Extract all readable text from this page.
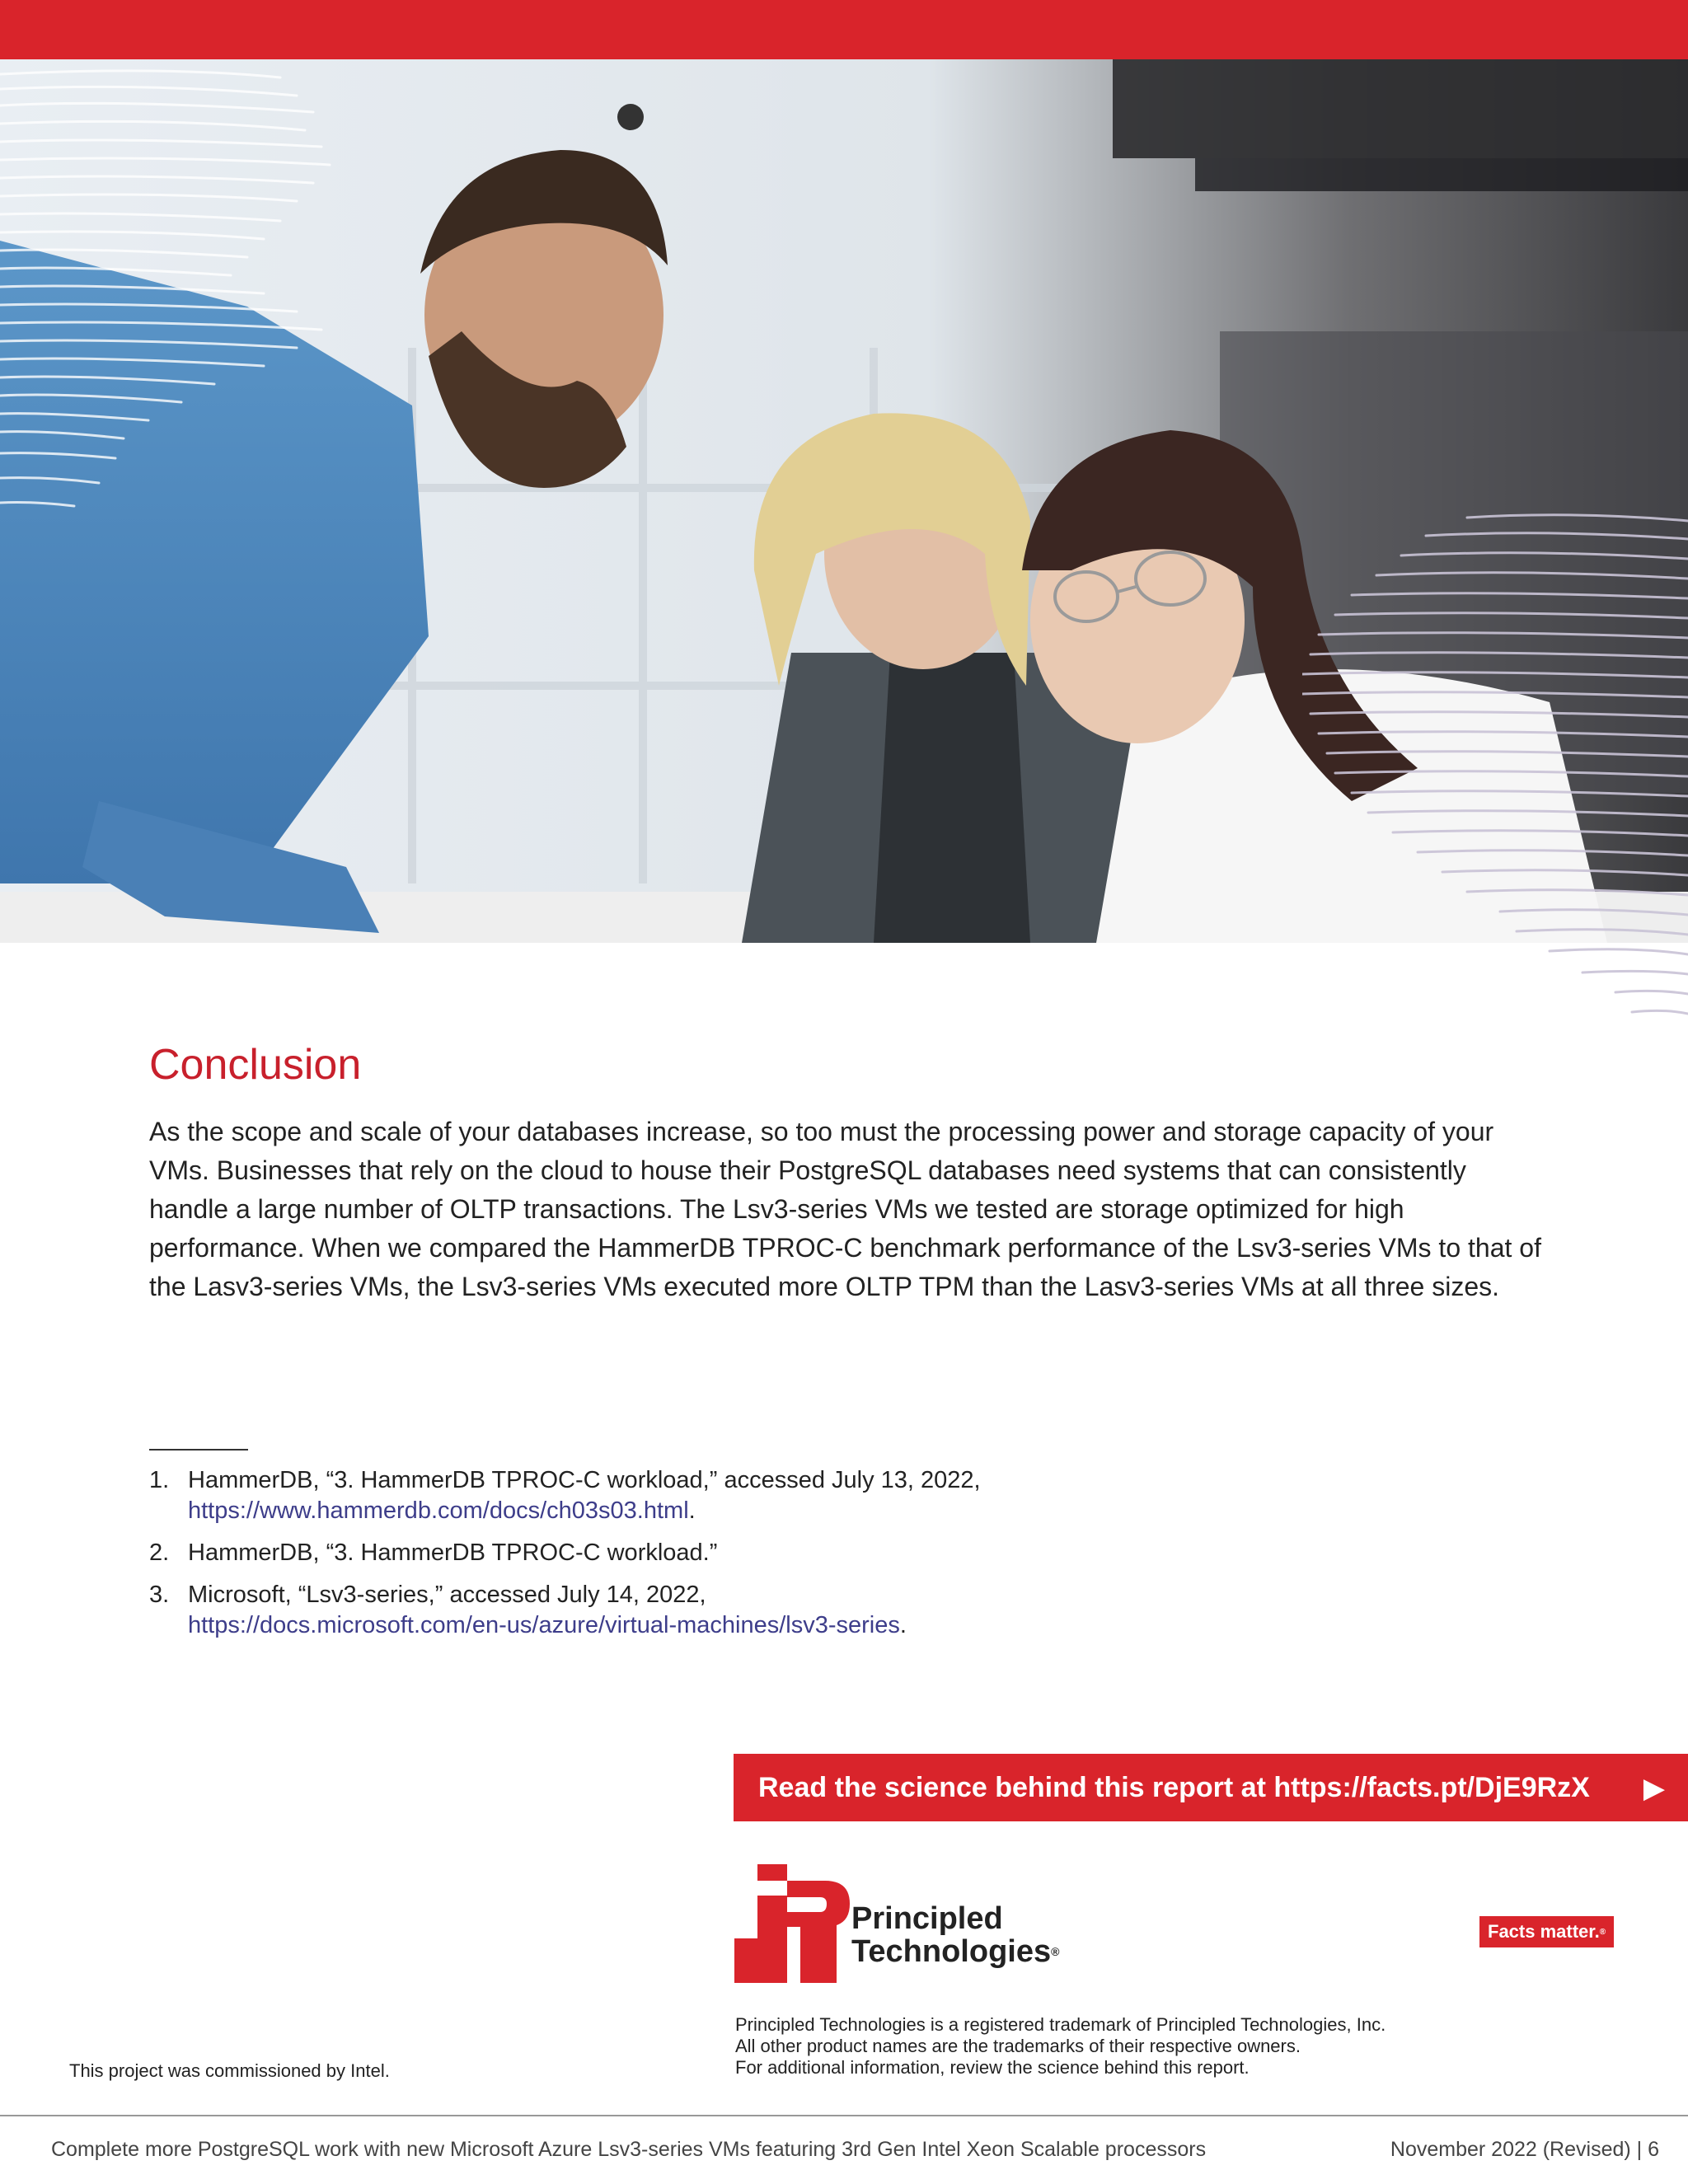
Conclusion

As the scope and scale of your databases increase, so too must the processing power and storage capacity of your VMs. Businesses that rely on the cloud to house their PostgreSQL databases need systems that can consistently handle a large number of OLTP transactions. The Lsv3-series VMs we tested are storage optimized for high performance. When we compared the HammerDB TPROC-C benchmark performance of the Lsv3-series VMs to that of the Lasv3-series VMs, the Lsv3-series VMs executed more OLTP TPM than the Lasv3-series VMs at all three sizes.

1. HammerDB, “3. HammerDB TPROC-C workload,” accessed July 13, 2022,
https://www.hammerdb.com/docs/ch03s03.html.
2. HammerDB, “3. HammerDB TPROC-C workload.”
3. Microsoft, “Lsv3-series,” accessed July 14, 2022,
https://docs.microsoft.com/en-us/azure/virtual-machines/lsv3-series.
Read the science behind this report at https://facts.pt/DjE9RzX ▶
Principled
Technologies®
Facts matter. ®

Principled Technologies is a registered trademark of Principled Technologies, Inc.
All other product names are the trademarks of their respective owners.
For additional information, review the science behind this report.

This project was commissioned by Intel.

Complete more PostgreSQL work with new Microsoft Azure Lsv3-series VMs featuring 3rd Gen Intel Xeon Scalable processors	November 2022 (Revised) | 6
